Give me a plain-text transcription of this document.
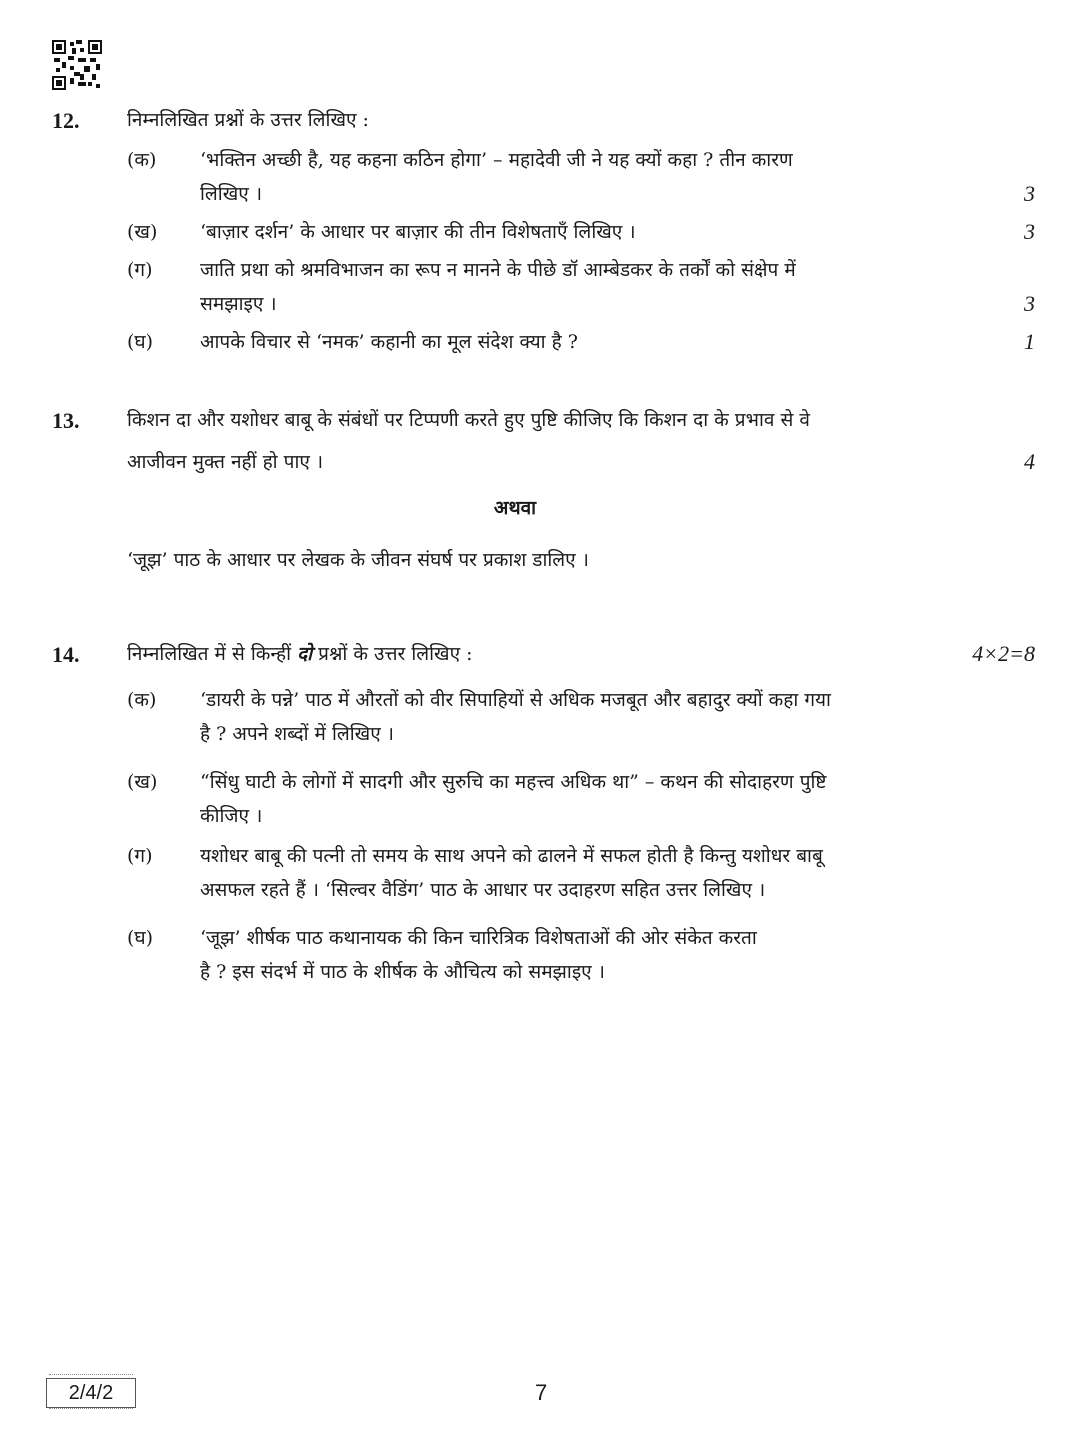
12.	निम्नलिखित प्रश्नों के उत्तर लिखिए :
(क) ‘भक्तिन अच्छी है, यह कहना कठिन होगा’ – महादेवी जी ने यह क्यों कहा ? तीन कारण
लिखिए ।	3
(ख) ‘बाज़ार दर्शन’ के आधार पर बाज़ार की तीन विशेषताएँ लिखिए ।	3
(ग) जाति प्रथा को श्रमविभाजन का रूप न मानने के पीछे डॉ आम्बेडकर के तर्कों को संक्षेप में
समझाइए ।	3
(घ) आपके विचार से ‘नमक’ कहानी का मूल संदेश क्या है ?	1
13.	किशन दा और यशोधर बाबू के संबंधों पर टिप्पणी करते हुए पुष्टि कीजिए कि किशन दा के प्रभाव से वे
आजीवन मुक्त नहीं हो पाए ।	4
अथवा
‘जूझ’ पाठ के आधार पर लेखक के जीवन संघर्ष पर प्रकाश डालिए ।
14.	निम्नलिखित में से किन्हीं दो प्रश्नों के उत्तर लिखिए :	4×2=8
(क) ‘डायरी के पन्ने’ पाठ में औरतों को वीर सिपाहियों से अधिक मजबूत और बहादुर क्यों कहा गया
है ? अपने शब्दों में लिखिए ।
(ख) “सिंधु घाटी के लोगों में सादगी और सुरुचि का महत्त्व अधिक था” – कथन की सोदाहरण पुष्टि
कीजिए ।
(ग) यशोधर बाबू की पत्नी तो समय के साथ अपने को ढालने में सफल होती है किन्तु यशोधर बाबू
असफल रहते हैं । ‘सिल्वर वैडिंग’ पाठ के आधार पर उदाहरण सहित उत्तर लिखिए ।
(घ) ‘जूझ’ शीर्षक पाठ कथानायक की किन चारित्रिक विशेषताओं की ओर संकेत करता
है ? इस संदर्भ में पाठ के शीर्षक के औचित्य को समझाइए ।
2/4/2	7
